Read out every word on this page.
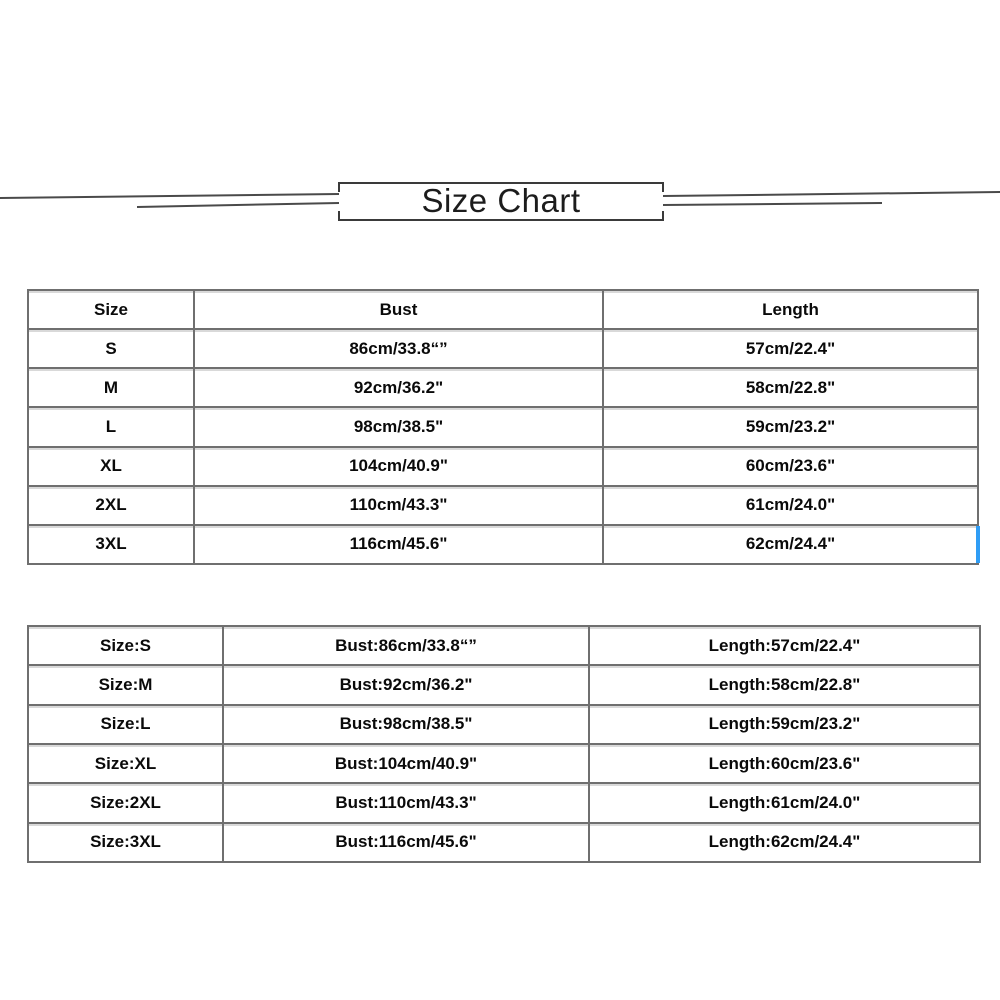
Size Chart
Size	Bust	Length
S	86cm/33.8“”	57cm/22.4"
M	92cm/36.2"	58cm/22.8"
L	98cm/38.5"	59cm/23.2"
XL	104cm/40.9"	60cm/23.6"
2XL	110cm/43.3"	61cm/24.0"
3XL	116cm/45.6"	62cm/24.4"
Size:S	Bust:86cm/33.8“”	Length:57cm/22.4"
Size:M	Bust:92cm/36.2"	Length:58cm/22.8"
Size:L	Bust:98cm/38.5"	Length:59cm/23.2"
Size:XL	Bust:104cm/40.9"	Length:60cm/23.6"
Size:2XL	Bust:110cm/43.3"	Length:61cm/24.0"
Size:3XL	Bust:116cm/45.6"	Length:62cm/24.4"
